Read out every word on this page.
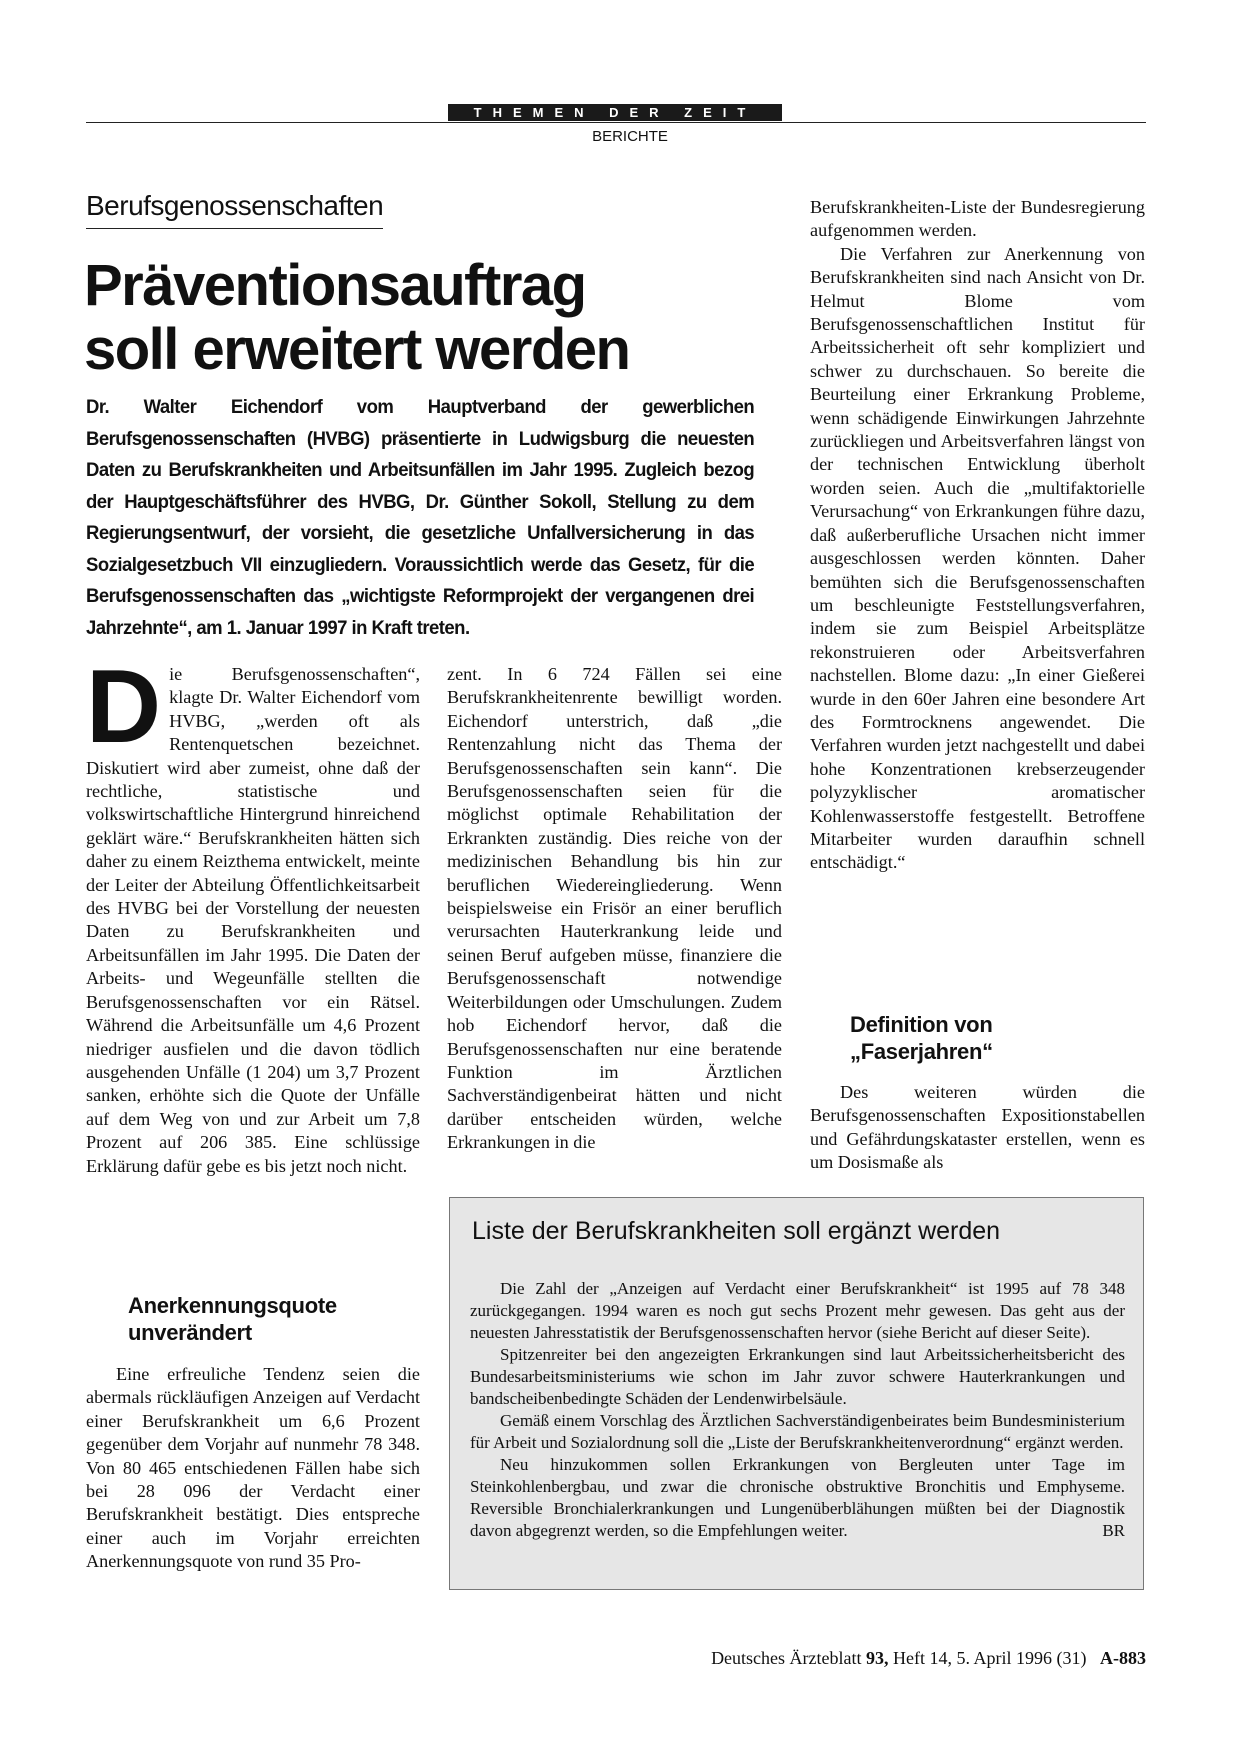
THEMEN DER ZEIT
BERICHTE
Berufsgenossenschaften
Präventionsauftrag
soll erweitert werden
Dr. Walter Eichendorf vom Hauptverband der gewerblichen Berufsgenossenschaften (HVBG) präsentierte in Ludwigsburg die neuesten Daten zu Berufskrankheiten und Arbeitsunfällen im Jahr 1995. Zugleich bezog der Hauptgeschäftsführer des HVBG, Dr. Günther Sokoll, Stellung zu dem Regierungsentwurf, der vorsieht, die gesetzliche Unfallversicherung in das Sozialgesetzbuch VII einzugliedern. Voraussichtlich werde das Gesetz, für die Berufsgenossenschaften das „wichtigste Reformprojekt der vergangenen drei Jahrzehnte“, am 1. Januar 1997 in Kraft treten.
D ie Berufsgenossenschaften“, klagte Dr. Walter Eichendorf vom HVBG, „werden oft als Rentenquetschen bezeichnet. Diskutiert wird aber zumeist, ohne daß der rechtliche, statistische und volkswirtschaftliche Hintergrund hinreichend geklärt wäre.“ Berufskrankheiten hätten sich daher zu einem Reizthema entwickelt, meinte der Leiter der Abteilung Öffentlichkeitsarbeit des HVBG bei der Vorstellung der neuesten Daten zu Berufskrankheiten und Arbeitsunfällen im Jahr 1995. Die Daten der Arbeits- und Wegeunfälle stellten die Berufsgenossenschaften vor ein Rätsel. Während die Arbeitsunfälle um 4,6 Prozent niedriger ausfielen und die davon tödlich ausgehenden Unfälle (1 204) um 3,7 Prozent sanken, erhöhte sich die Quote der Unfälle auf dem Weg von und zur Arbeit um 7,8 Prozent auf 206 385. Eine schlüssige Erklärung dafür gebe es bis jetzt noch nicht.

Anerkennungsquote unverändert

Eine erfreuliche Tendenz seien die abermals rückläufigen Anzeigen auf Verdacht einer Berufskrankheit um 6,6 Prozent gegenüber dem Vorjahr auf nunmehr 78 348. Von 80 465 entschiedenen Fällen habe sich bei 28 096 der Verdacht einer Berufskrankheit bestätigt. Dies entspreche einer auch im Vorjahr erreichten Anerkennungsquote von rund 35 Pro-

zent. In 6 724 Fällen sei eine Berufskrankheitenrente bewilligt worden. Eichendorf unterstrich, daß „die Rentenzahlung nicht das Thema der Berufsgenossenschaften sein kann“. Die Berufsgenossenschaften seien für die möglichst optimale Rehabilitation der Erkrankten zuständig. Dies reiche von der medizinischen Behandlung bis hin zur beruflichen Wiedereingliederung. Wenn beispielsweise ein Frisör an einer beruflich verursachten Hauterkrankung leide und seinen Beruf aufgeben müsse, finanziere die Berufsgenossenschaft notwendige Weiterbildungen oder Umschulungen. Zudem hob Eichendorf hervor, daß die Berufsgenossenschaften nur eine beratende Funktion im Ärztlichen Sachverständigenbeirat hätten und nicht darüber entscheiden würden, welche Erkrankungen in die

Berufskrankheiten-Liste der Bundesregierung aufgenommen werden.

Die Verfahren zur Anerkennung von Berufskrankheiten sind nach Ansicht von Dr. Helmut Blome vom Berufsgenossenschaftlichen Institut für Arbeitssicherheit oft sehr kompliziert und schwer zu durchschauen. So bereite die Beurteilung einer Erkrankung Probleme, wenn schädigende Einwirkungen Jahrzehnte zurückliegen und Arbeitsverfahren längst von der technischen Entwicklung überholt worden seien. Auch die „multifaktorielle Verursachung“ von Erkrankungen führe dazu, daß außerberufliche Ursachen nicht immer ausgeschlossen werden könnten. Daher bemühten sich die Berufsgenossenschaften um beschleunigte Feststellungsverfahren, indem sie zum Beispiel Arbeitsplätze rekonstruieren oder Arbeitsverfahren nachstellen. Blome dazu: „In einer Gießerei wurde in den 60er Jahren eine besondere Art des Formtrocknens angewendet. Die Verfahren wurden jetzt nachgestellt und dabei hohe Konzentrationen krebserzeugender polyzyklischer aromatischer Kohlenwasserstoffe festgestellt. Betroffene Mitarbeiter wurden daraufhin schnell entschädigt.“

Definition von „Faserjahren“

Des weiteren würden die Berufsgenossenschaften Expositionstabellen und Gefährdungskataster erstellen, wenn es um Dosismaße als

Liste der Berufskrankheiten soll ergänzt werden

Die Zahl der „Anzeigen auf Verdacht einer Berufskrankheit“ ist 1995 auf 78 348 zurückgegangen. 1994 waren es noch gut sechs Prozent mehr gewesen. Das geht aus der neuesten Jahresstatistik der Berufsgenossenschaften hervor (siehe Bericht auf dieser Seite).

Spitzenreiter bei den angezeigten Erkrankungen sind laut Arbeitssicherheitsbericht des Bundesarbeitsministeriums wie schon im Jahr zuvor schwere Hauterkrankungen und bandscheibenbedingte Schäden der Lendenwirbelsäule.

Gemäß einem Vorschlag des Ärztlichen Sachverständigenbeirates beim Bundesministerium für Arbeit und Sozialordnung soll die „Liste der Berufskrankheitenverordnung“ ergänzt werden.

Neu hinzukommen sollen Erkrankungen von Bergleuten unter Tage im Steinkohlenbergbau, und zwar die chronische obstruktive Bronchitis und Emphyseme. Reversible Bronchialerkrankungen und Lungenüberblähungen müßten bei der Diagnostik davon abgegrenzt werden, so die Empfehlungen weiter.	BR

Deutsches Ärzteblatt 93, Heft 14, 5. April 1996 (31) A-883
